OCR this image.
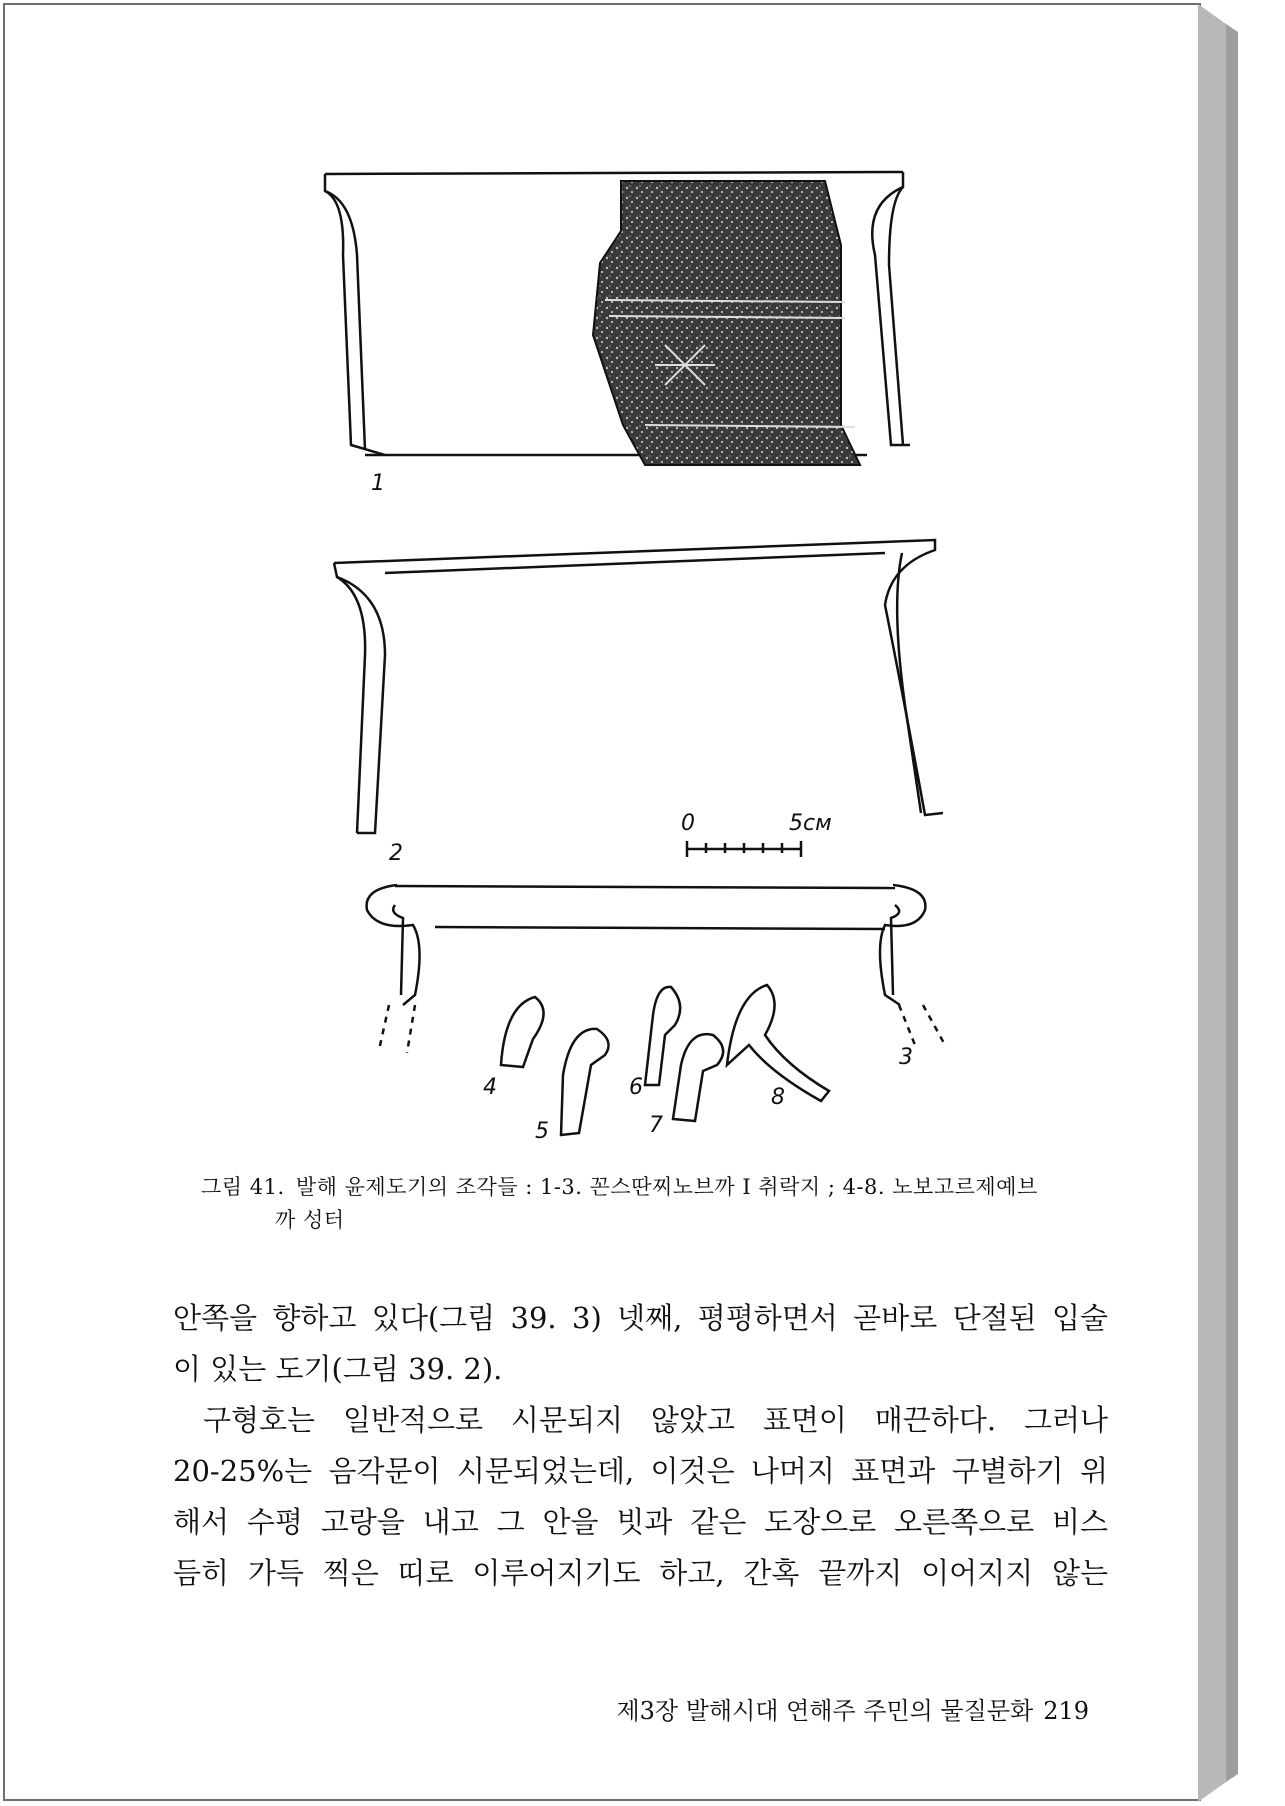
1
2
3
4
5
6
7
8
0	5см
그림 41. 발해 윤제도기의 조각들 : 1-3. 꼰스딴찌노브까 Ⅰ 취락지 ; 4-8. 노보고르제예브
까 성터
안쪽을 향하고 있다(그림 39. 3) 넷째, 평평하면서 곧바로 단절된 입술
이 있는 도기(그림 39. 2).
구형호는 일반적으로 시문되지 않았고 표면이 매끈하다. 그러나
20-25%는 음각문이 시문되었는데, 이것은 나머지 표면과 구별하기 위
해서 수평 고랑을 내고 그 안을 빗과 같은 도장으로 오른쪽으로 비스
듬히 가득 찍은 띠로 이루어지기도 하고, 간혹 끝까지 이어지지 않는
제3장 발해시대 연해주 주민의 물질문화 219
